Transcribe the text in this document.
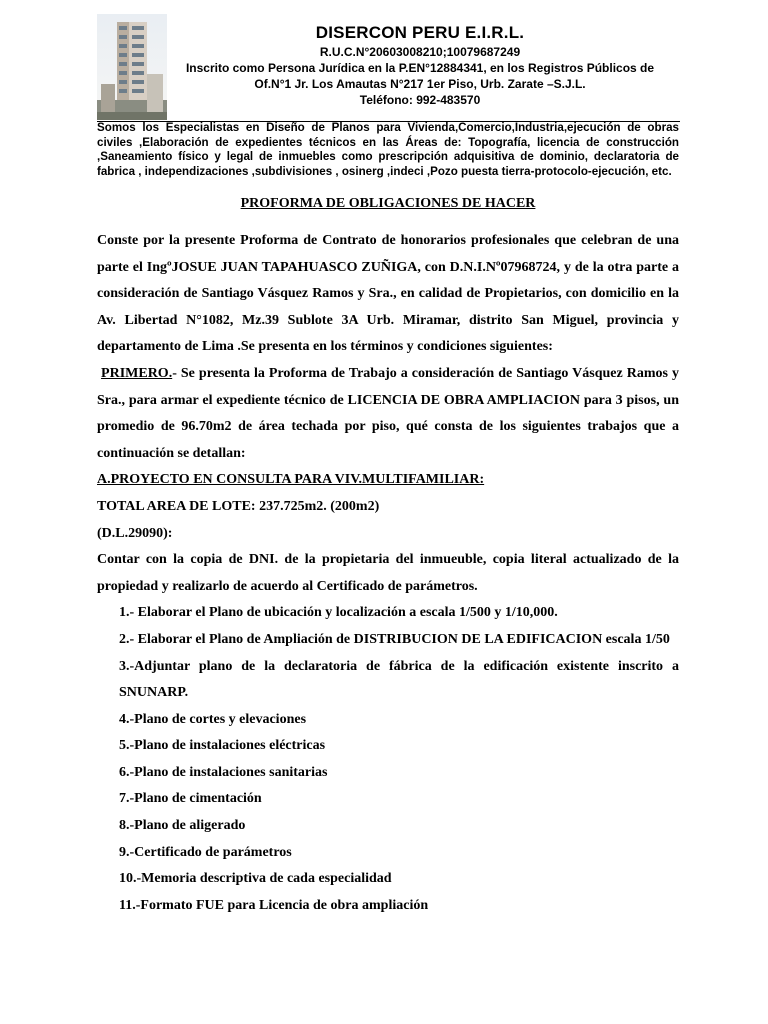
DISERCON PERU E.I.R.L.
R.U.C.N°20603008210;10079687249
Inscrito como Persona Jurídica en la P.EN°12884341, en los Registros Públicos de
Of.N°1 Jr. Los Amautas N°217 1er Piso, Urb. Zarate –S.J.L.
Teléfono: 992-483570
Somos los Especialistas en Diseño de Planos para Vivienda,Comercio,Industria,ejecución de obras civiles ,Elaboración de expedientes técnicos en las Áreas de: Topografía, licencia de construcción ,Saneamiento físico y legal de inmuebles como prescripción adquisitiva de dominio, declaratoria de fabrica , independizaciones ,subdivisiones , osinerg ,indeci ,Pozo puesta tierra-protocolo-ejecución, etc.
PROFORMA DE OBLIGACIONES DE HACER

Conste por la presente Proforma de Contrato de honorarios profesionales que celebran de una parte el IngºJOSUE JUAN TAPAHUASCO ZUÑIGA, con D.N.I.Nº07968724, y de la otra parte a consideración de Santiago Vásquez Ramos y Sra., en calidad de Propietarios, con domicilio en la Av. Libertad N°1082, Mz.39 Sublote 3A Urb. Miramar, distrito San Miguel, provincia y departamento de Lima .Se presenta en los términos y condiciones siguientes:

PRIMERO.- Se presenta la Proforma de Trabajo a consideración de Santiago Vásquez Ramos y Sra., para armar el expediente técnico de LICENCIA DE OBRA AMPLIACION para 3 pisos, un promedio de 96.70m2 de área techada por piso, qué consta de los siguientes trabajos que a continuación se detallan:

A.PROYECTO EN CONSULTA PARA VIV.MULTIFAMILIAR:

TOTAL AREA DE LOTE: 237.725m2. (200m2)

(D.L.29090):

Contar con la copia de DNI. de la propietaria del inmueuble, copia literal actualizado de la propiedad y realizarlo de acuerdo al Certificado de parámetros.

1.- Elaborar el Plano de ubicación y localización a escala 1/500 y 1/10,000.

2.- Elaborar el Plano de Ampliación de DISTRIBUCION DE LA EDIFICACION escala 1/50

3.-Adjuntar plano de la declaratoria de fábrica de la edificación existente inscrito a SNUNARP.

4.-Plano de cortes y elevaciones

5.-Plano de instalaciones eléctricas

6.-Plano de instalaciones sanitarias

7.-Plano de cimentación

8.-Plano de aligerado

9.-Certificado de parámetros

10.-Memoria descriptiva de cada especialidad

11.-Formato FUE para Licencia de obra ampliación
